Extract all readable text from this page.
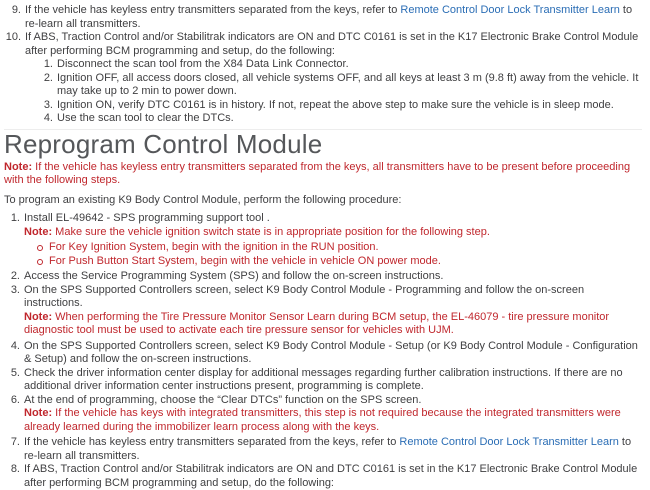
9. If the vehicle has keyless entry transmitters separated from the keys, refer to Remote Control Door Lock Transmitter Learn to re-learn all transmitters.
10. If ABS, Traction Control and/or Stabilitrak indicators are ON and DTC C0161 is set in the K17 Electronic Brake Control Module after performing BCM programming and setup, do the following:
1. Disconnect the scan tool from the X84 Data Link Connector.
2. Ignition OFF, all access doors closed, all vehicle systems OFF, and all keys at least 3 m (9.8 ft) away from the vehicle. It may take up to 2 min to power down.
3. Ignition ON, verify DTC C0161 is in history. If not, repeat the above step to make sure the vehicle is in sleep mode.
4. Use the scan tool to clear the DTCs.
Reprogram Control Module
Note: If the vehicle has keyless entry transmitters separated from the keys, all transmitters have to be present before proceeding with the following steps.
To program an existing K9 Body Control Module, perform the following procedure:
1. Install EL-49642 - SPS programming support tool .
Note: Make sure the vehicle ignition switch state is in appropriate position for the following step.
For Key Ignition System, begin with the ignition in the RUN position.
For Push Button Start System, begin with the vehicle in vehicle ON power mode.
2. Access the Service Programming System (SPS) and follow the on-screen instructions.
3. On the SPS Supported Controllers screen, select K9 Body Control Module - Programming and follow the on-screen instructions.
Note: When performing the Tire Pressure Monitor Sensor Learn during BCM setup, the EL-46079 - tire pressure monitor diagnostic tool must be used to activate each tire pressure sensor for vehicles with UJM.
4. On the SPS Supported Controllers screen, select K9 Body Control Module - Setup (or K9 Body Control Module - Configuration & Setup) and follow the on-screen instructions.
5. Check the driver information center display for additional messages regarding further calibration instructions. If there are no additional driver information center instructions present, programming is complete.
6. At the end of programming, choose the “Clear DTCs” function on the SPS screen.
Note: If the vehicle has keys with integrated transmitters, this step is not required because the integrated transmitters were already learned during the immobilizer learn process along with the keys.
7. If the vehicle has keyless entry transmitters separated from the keys, refer to Remote Control Door Lock Transmitter Learn to re-learn all transmitters.
8. If ABS, Traction Control and/or Stabilitrak indicators are ON and DTC C0161 is set in the K17 Electronic Brake Control Module after performing BCM programming and setup, do the following:
